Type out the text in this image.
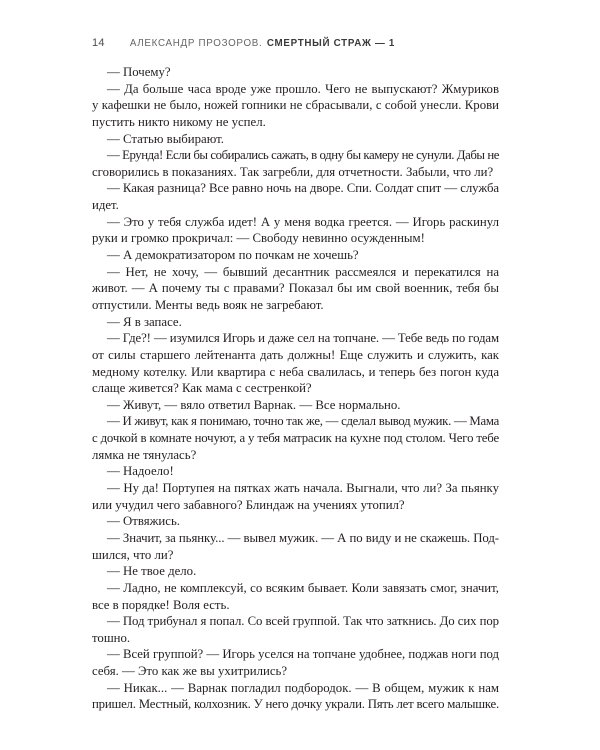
14	АЛЕКСАНДР ПРОЗОРОВ. СМЕРТНЫЙ СТРАЖ — 1
— Почему?
— Да больше часа вроде уже прошло. Чего не выпускают? Жмуриков
у кафешки не было, ножей гопники не сбрасывали, с собой унесли. Крови
пустить никто никому не успел.
— Статью выбирают.
— Ерунда! Если бы собирались сажать, в одну бы камеру не сунули. Дабы не
сговорились в показаниях. Так загребли, для отчетности. Забыли, что ли?
— Какая разница? Все равно ночь на дворе. Спи. Солдат спит — служба
идет.
— Это у тебя служба идет! А у меня водка греется. — Игорь раскинул
руки и громко прокричал: — Свободу невинно осужденным!
— А демократизатором по почкам не хочешь?
— Нет, не хочу, — бывший десантник рассмеялся и перекатился на
живот. — А почему ты с правами? Показал бы им свой военник, тебя бы
отпустили. Менты ведь вояк не загребают.
— Я в запасе.
— Где?! — изумился Игорь и даже сел на топчане. — Тебе ведь по годам
от силы старшего лейтенанта дать должны! Еще служить и служить, как
медному котелку. Или квартира с неба свалилась, и теперь без погон куда
слаще живется? Как мама с сестренкой?
— Живут, — вяло ответил Варнак. — Все нормально.
— И живут, как я понимаю, точно так же, — сделал вывод мужик. — Мама
с дочкой в комнате ночуют, а у тебя матрасик на кухне под столом. Чего тебе
лямка не тянулась?
— Надоело!
— Ну да! Портупея на пятках жать начала. Выгнали, что ли? За пьянку
или учудил чего забавного? Блиндаж на учениях утопил?
— Отвяжись.
— Значит, за пьянку... — вывел мужик. — А по виду и не скажешь. Под-
шился, что ли?
— Не твое дело.
— Ладно, не комплексуй, со всяким бывает. Коли завязать смог, значит,
все в порядке! Воля есть.
— Под трибунал я попал. Со всей группой. Так что заткнись. До сих пор
тошно.
— Всей группой? — Игорь уселся на топчане удобнее, поджав ноги под
себя. — Это как же вы ухитрились?
— Никак... — Варнак погладил подбородок. — В общем, мужик к нам
пришел. Местный, колхозник. У него дочку украли. Пять лет всего малышке.
